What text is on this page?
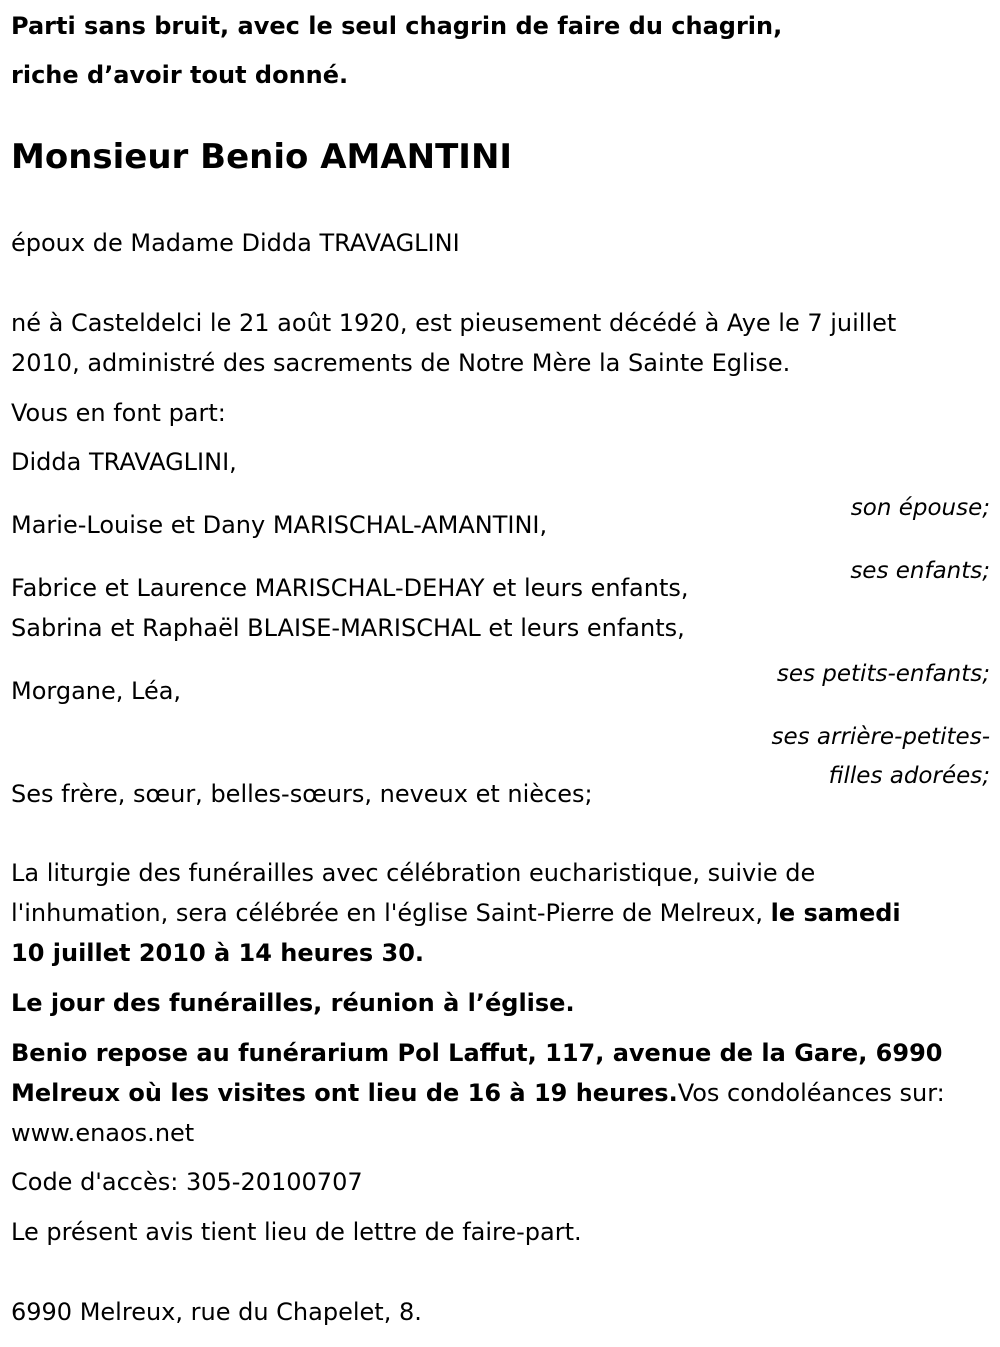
Parti sans bruit, avec le seul chagrin de faire du chagrin,

riche d’avoir tout donné.

Monsieur Benio AMANTINI

époux de Madame Didda TRAVAGLINI

né à Casteldelci le 21 août 1920, est pieusement décédé à Aye le 7 juillet

2010, administré des sacrements de Notre Mère la Sainte Eglise.

Vous en font part:

Didda TRAVAGLINI,

son épouse;

Marie-Louise et Dany MARISCHAL-AMANTINI,

ses enfants;

Fabrice et Laurence MARISCHAL-DEHAY et leurs enfants,

Sabrina et Raphaël BLAISE-MARISCHAL et leurs enfants,

ses petits-enfants;

Morgane, Léa,

ses arrière-petites-

filles adorées;

Ses frère, sœur, belles-sœurs, neveux et nièces;

La liturgie des funérailles avec célébration eucharistique, suivie de

l'inhumation, sera célébrée en l'église Saint-Pierre de Melreux, le samedi

10 juillet 2010 à 14 heures 30.

Le jour des funérailles, réunion à l’église.

Benio repose au funérarium Pol Laffut, 117, avenue de la Gare, 6990

Melreux où les visites ont lieu de 16 à 19 heures.Vos condoléances sur:

www.enaos.net

Code d'accès: 305-20100707

Le présent avis tient lieu de lettre de faire-part.

6990 Melreux, rue du Chapelet, 8.
